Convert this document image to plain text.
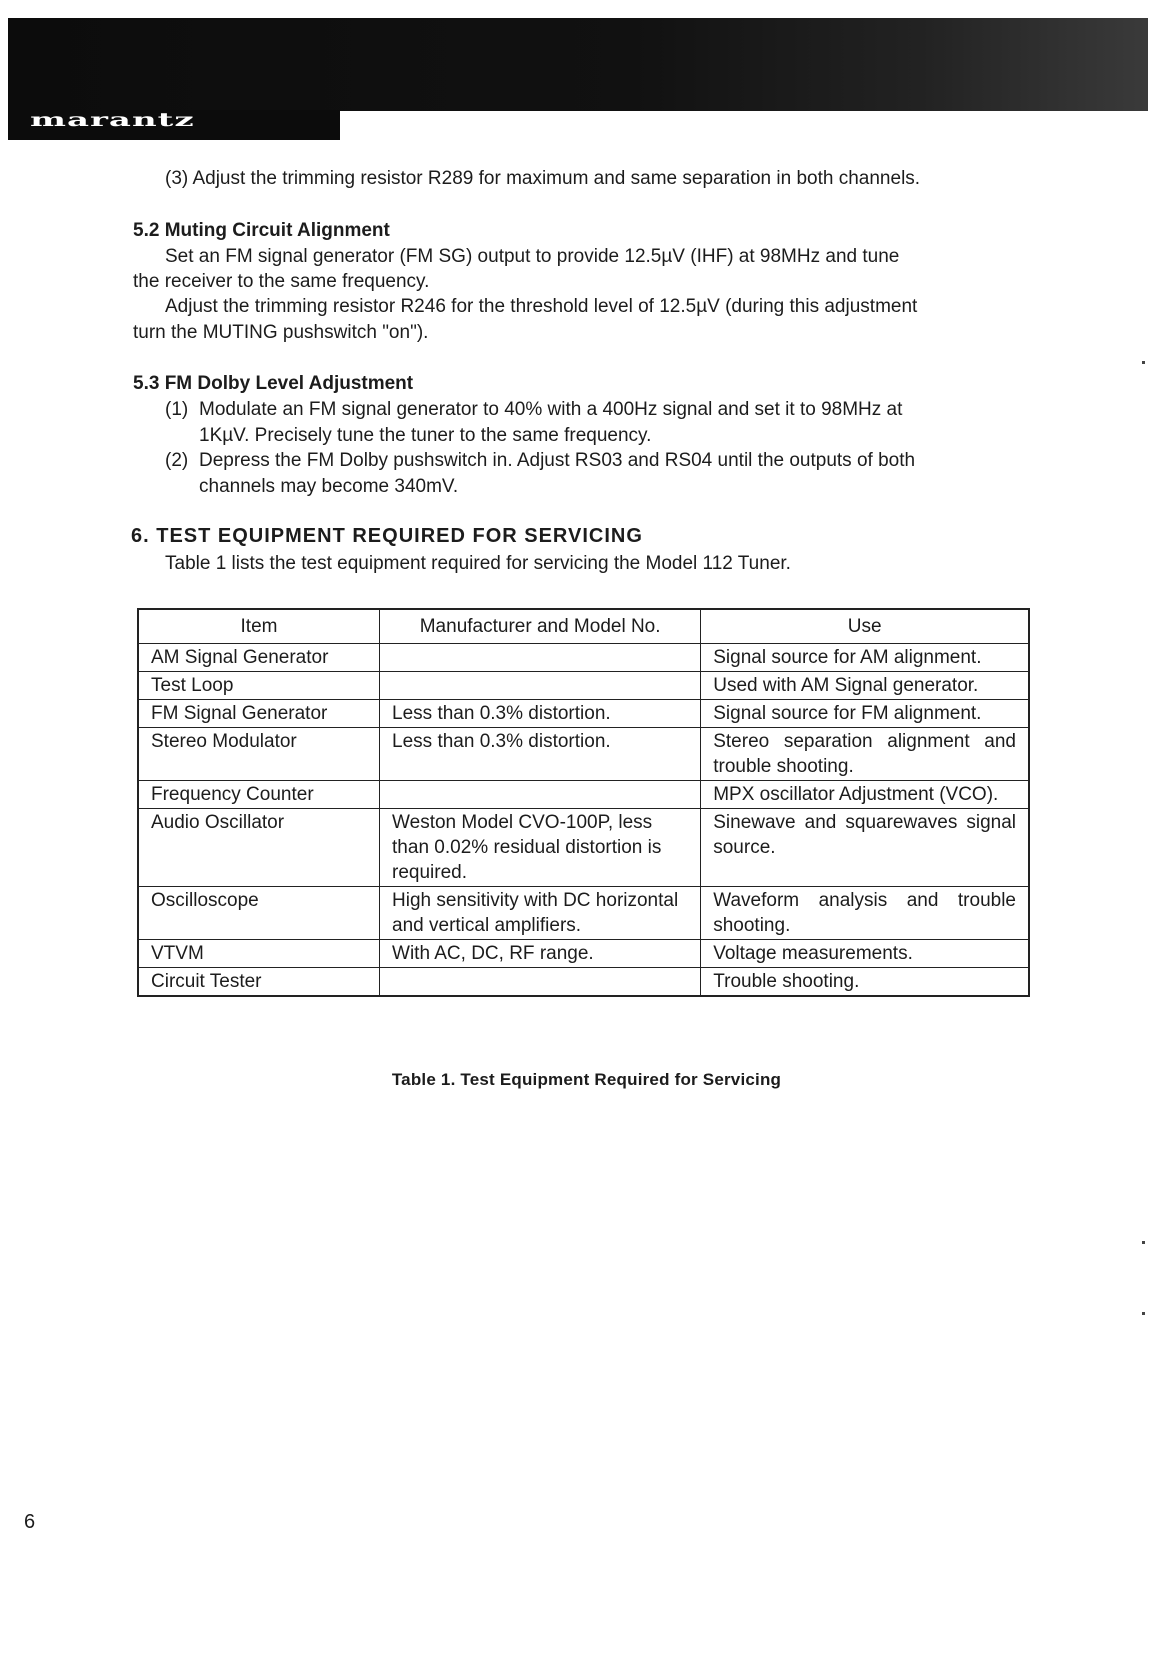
marantz

(3) Adjust the trimming resistor R289 for maximum and same separation in both channels.

5.2 Muting Circuit Alignment

Set an FM signal generator (FM SG) output to provide 12.5µV (IHF) at 98MHz and tune

the receiver to the same frequency.

Adjust the trimming resistor R246 for the threshold level of 12.5µV (during this adjustment

turn the MUTING pushswitch "on").

5.3 FM Dolby Level Adjustment

(1) Modulate an FM signal generator to 40% with a 400Hz signal and set it to 98MHz at

1KµV. Precisely tune the tuner to the same frequency.

(2) Depress the FM Dolby pushswitch in. Adjust RS03 and RS04 until the outputs of both

channels may become 340mV.

6. TEST EQUIPMENT REQUIRED FOR SERVICING

Table 1 lists the test equipment required for servicing the Model 112 Tuner.

Item	Manufacturer and Model No.	Use
AM Signal Generator		Signal source for AM alignment.
Test Loop		Used with AM Signal generator.
FM Signal Generator	Less than 0.3% distortion.	Signal source for FM alignment.
Stereo Modulator	Less than 0.3% distortion.	Stereo separation alignment and trouble shooting.
Frequency Counter		MPX oscillator Adjustment (VCO).
Audio Oscillator	Weston Model CVO-100P, less than 0.02% residual distortion is required.	Sinewave and squarewaves signal source.
Oscilloscope	High sensitivity with DC horizontal and vertical amplifiers.	Waveform analysis and trouble shooting.
VTVM	With AC, DC, RF range.	Voltage measurements.
Circuit Tester		Trouble shooting.
Table 1. Test Equipment Required for Servicing
6
